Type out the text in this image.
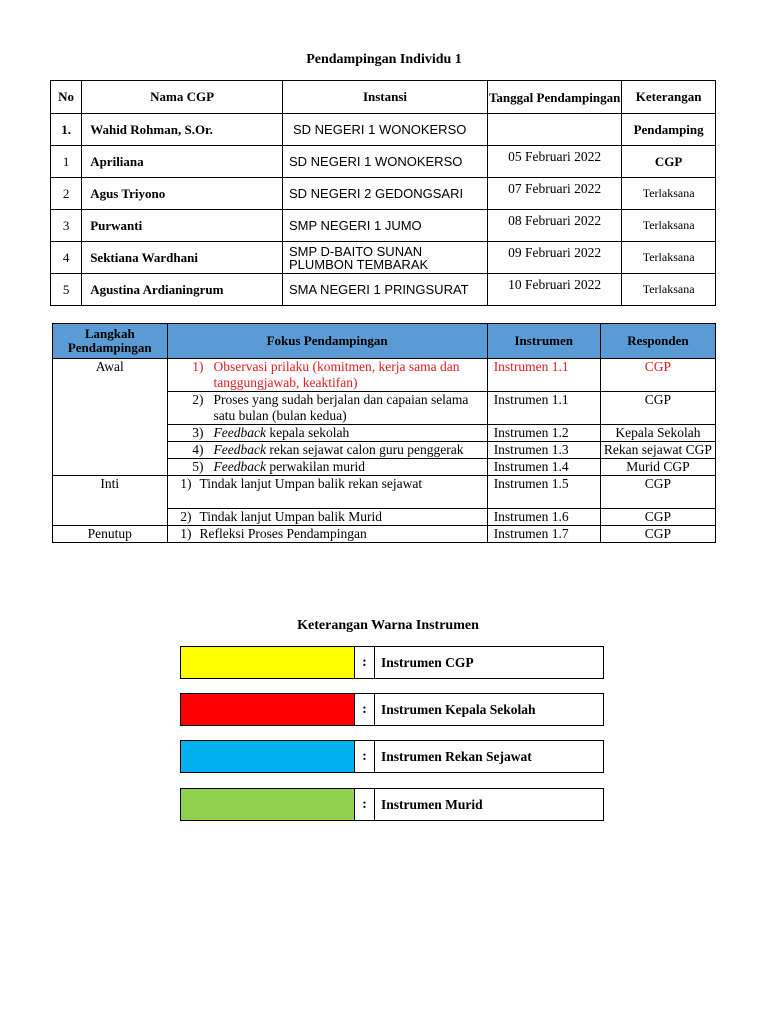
Pendampingan Individu 1
No	Nama CGP	Instansi	Tanggal Pendampingan	Keterangan
1.	Wahid Rohman, S.Or.	SD NEGERI 1 WONOKERSO		Pendamping
1	Apriliana	SD NEGERI 1 WONOKERSO	05 Februari 2022	CGP
2	Agus Triyono	SD NEGERI 2 GEDONGSARI	07 Februari 2022	Terlaksana
3	Purwanti	SMP NEGERI 1 JUMO	08 Februari 2022	Terlaksana
4	Sektiana Wardhani	SMP D-BAITO SUNAN PLUMBON TEMBARAK	09 Februari 2022	Terlaksana
5	Agustina Ardianingrum	SMA NEGERI 1 PRINGSURAT	10 Februari 2022	Terlaksana
Langkah Pendampingan	Fokus Pendampingan	Instrumen	Responden
Awal	1) Observasi prilaku (komitmen, kerja sama dan tanggungjawab, keaktifan)	Instrumen 1.1	CGP

	2) Proses yang sudah berjalan dan capaian selama satu bulan (bulan kedua)	Instrumen 1.1	CGP

	3) Feedback kepala sekolah	Instrumen 1.2	Kepala Sekolah

	4) Feedback rekan sejawat calon guru penggerak	Instrumen 1.3	Rekan sejawat CGP

	5) Feedback perwakilan murid	Instrumen 1.4	Murid CGP
Inti	1) Tindak lanjut Umpan balik rekan sejawat	Instrumen 1.5	CGP

	2) Tindak lanjut Umpan balik Murid	Instrumen 1.6	CGP
Penutup	1) Refleksi Proses Pendampingan	Instrumen 1.7	CGP
Keterangan Warna Instrumen
:	Instrumen CGP
:	Instrumen Kepala Sekolah
:	Instrumen Rekan Sejawat
:	Instrumen Murid
